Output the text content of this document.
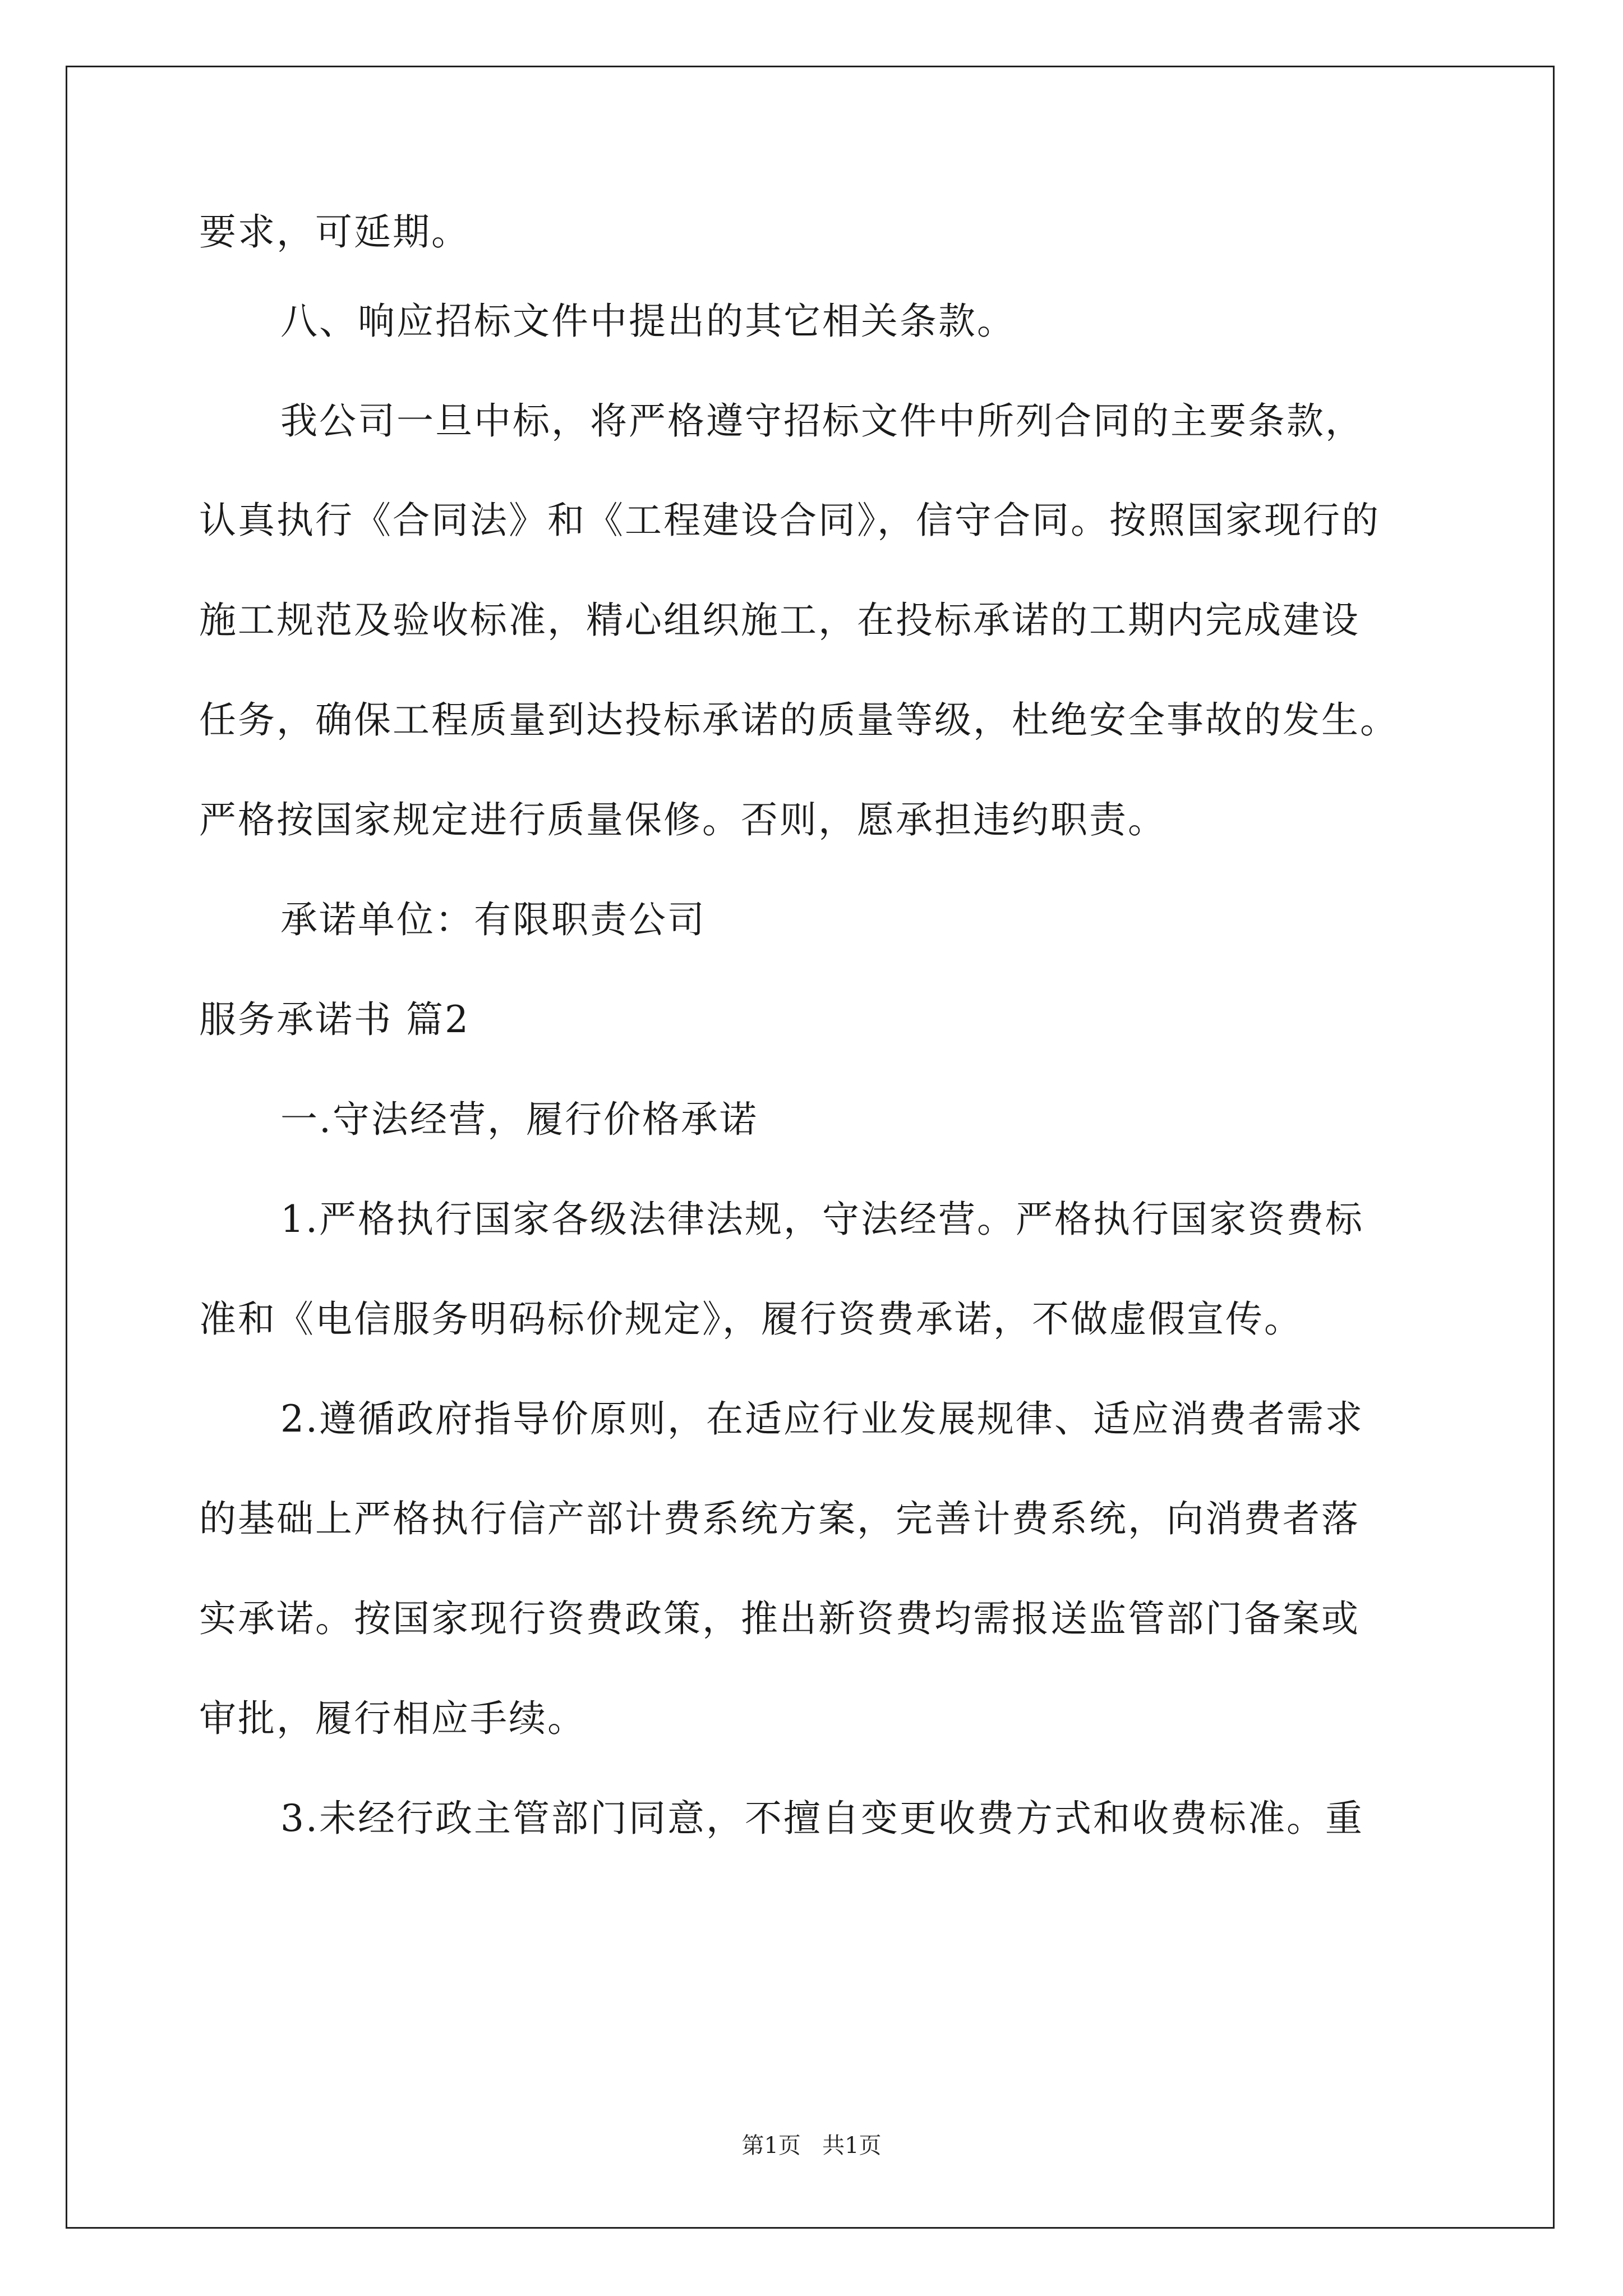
要求，可延期。
八、响应招标文件中提出的其它相关条款。
我公司一旦中标，将严格遵守招标文件中所列合同的主要条款，
认真执行《合同法》和《工程建设合同》，信守合同。按照国家现行的
施工规范及验收标准，精心组织施工，在投标承诺的工期内完成建设
任务，确保工程质量到达投标承诺的质量等级，杜绝安全事故的发生。
严格按国家规定进行质量保修。否则，愿承担违约职责。
承诺单位：有限职责公司
服务承诺书 篇2
一.守法经营，履行价格承诺
1.严格执行国家各级法律法规，守法经营。严格执行国家资费标
准和《电信服务明码标价规定》，履行资费承诺，不做虚假宣传。
2.遵循政府指导价原则，在适应行业发展规律、适应消费者需求
的基础上严格执行信产部计费系统方案，完善计费系统，向消费者落
实承诺。按国家现行资费政策，推出新资费均需报送监管部门备案或
审批，履行相应手续。
3.未经行政主管部门同意，不擅自变更收费方式和收费标准。重
第1页 共1页
